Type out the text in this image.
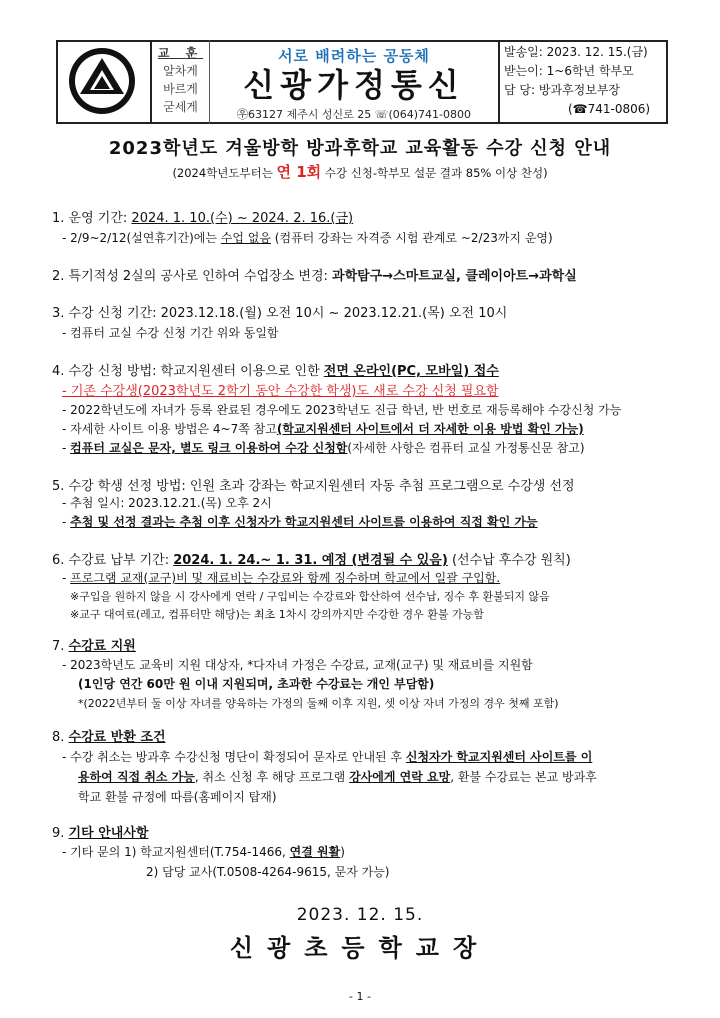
교 훈
알차게
바르게
굳세게
서로 배려하는 공동체
신광가정통신
㉾63127 제주시 성신로 25 ☏(064)741-0800
발송일: 2023. 12. 15.(금)
받는이: 1~6학년 학부모
담 당: 방과후정보부장
(☎741-0806)
2023학년도 겨울방학 방과후학교 교육활동 수강 신청 안내
(2024학년도부터는 연 1회 수강 신청-학부모 설문 결과 85% 이상 찬성)
1. 운영 기간: 2024. 1. 10.(수) ~ 2024. 2. 16.(금)
- 2/9~2/12(설연휴기간)에는 수업 없음 (컴퓨터 강좌는 자격증 시험 관계로 ~2/23까지 운영)
2. 특기적성 2실의 공사로 인하여 수업장소 변경: 과학탐구→스마트교실, 클레이아트→과학실
3. 수강 신청 기간: 2023.12.18.(월) 오전 10시 ~ 2023.12.21.(목) 오전 10시
- 컴퓨터 교실 수강 신청 기간 위와 동일함
4. 수강 신청 방법: 학교지원센터 이용으로 인한 전면 온라인(PC, 모바일) 접수
- 기존 수강생(2023학년도 2학기 동안 수강한 학생)도 새로 수강 신청 필요함
- 2022학년도에 자녀가 등록 완료된 경우에도 2023학년도 진급 학년, 반 번호로 재등록해야 수강신청 가능
- 자세한 사이트 이용 방법은 4~7쪽 참고(학교지원센터 사이트에서 더 자세한 이용 방법 확인 가능)
- 컴퓨터 교실은 문자, 별도 링크 이용하여 수강 신청함(자세한 사항은 컴퓨터 교실 가정통신문 참고)
5. 수강 학생 선정 방법: 인원 초과 강좌는 학교지원센터 자동 추첨 프로그램으로 수강생 선정
- 추첨 일시: 2023.12.21.(목) 오후 2시
- 추첨 및 선정 결과는 추첨 이후 신청자가 학교지원센터 사이트를 이용하여 직접 확인 가능
6. 수강료 납부 기간: 2024. 1. 24.~ 1. 31. 예정 (변경될 수 있음) (선수납 후수강 원칙)
- 프로그램 교재(교구)비 및 재료비는 수강료와 함께 징수하며 학교에서 일괄 구입함.
※구입을 원하지 않을 시 강사에게 연락 / 구입비는 수강료와 합산하여 선수납, 징수 후 환불되지 않음
※교구 대여료(레고, 컴퓨터만 해당)는 최초 1차시 강의까지만 수강한 경우 환불 가능함
7. 수강료 지원
- 2023학년도 교육비 지원 대상자, *다자녀 가정은 수강료, 교재(교구) 및 재료비를 지원함
(1인당 연간 60만 원 이내 지원되며, 초과한 수강료는 개인 부담함)
*(2022년부터 둘 이상 자녀를 양육하는 가정의 둘째 이후 지원, 셋 이상 자녀 가정의 경우 첫째 포함)
8. 수강료 반환 조건
- 수강 취소는 방과후 수강신청 명단이 확정되어 문자로 안내된 후 신청자가 학교지원센터 사이트를 이
용하여 직접 취소 가능, 취소 신청 후 해당 프로그램 강사에게 연락 요망, 환불 수강료는 본교 방과후
학교 환불 규정에 따름(홈페이지 탑재)
9. 기타 안내사항
- 기타 문의 1) 학교지원센터(T.754-1466, 연결 원활)
2) 담당 교사(T.0508-4264-9615, 문자 가능)
2023. 12. 15.
신광초등학교장
- 1 -
